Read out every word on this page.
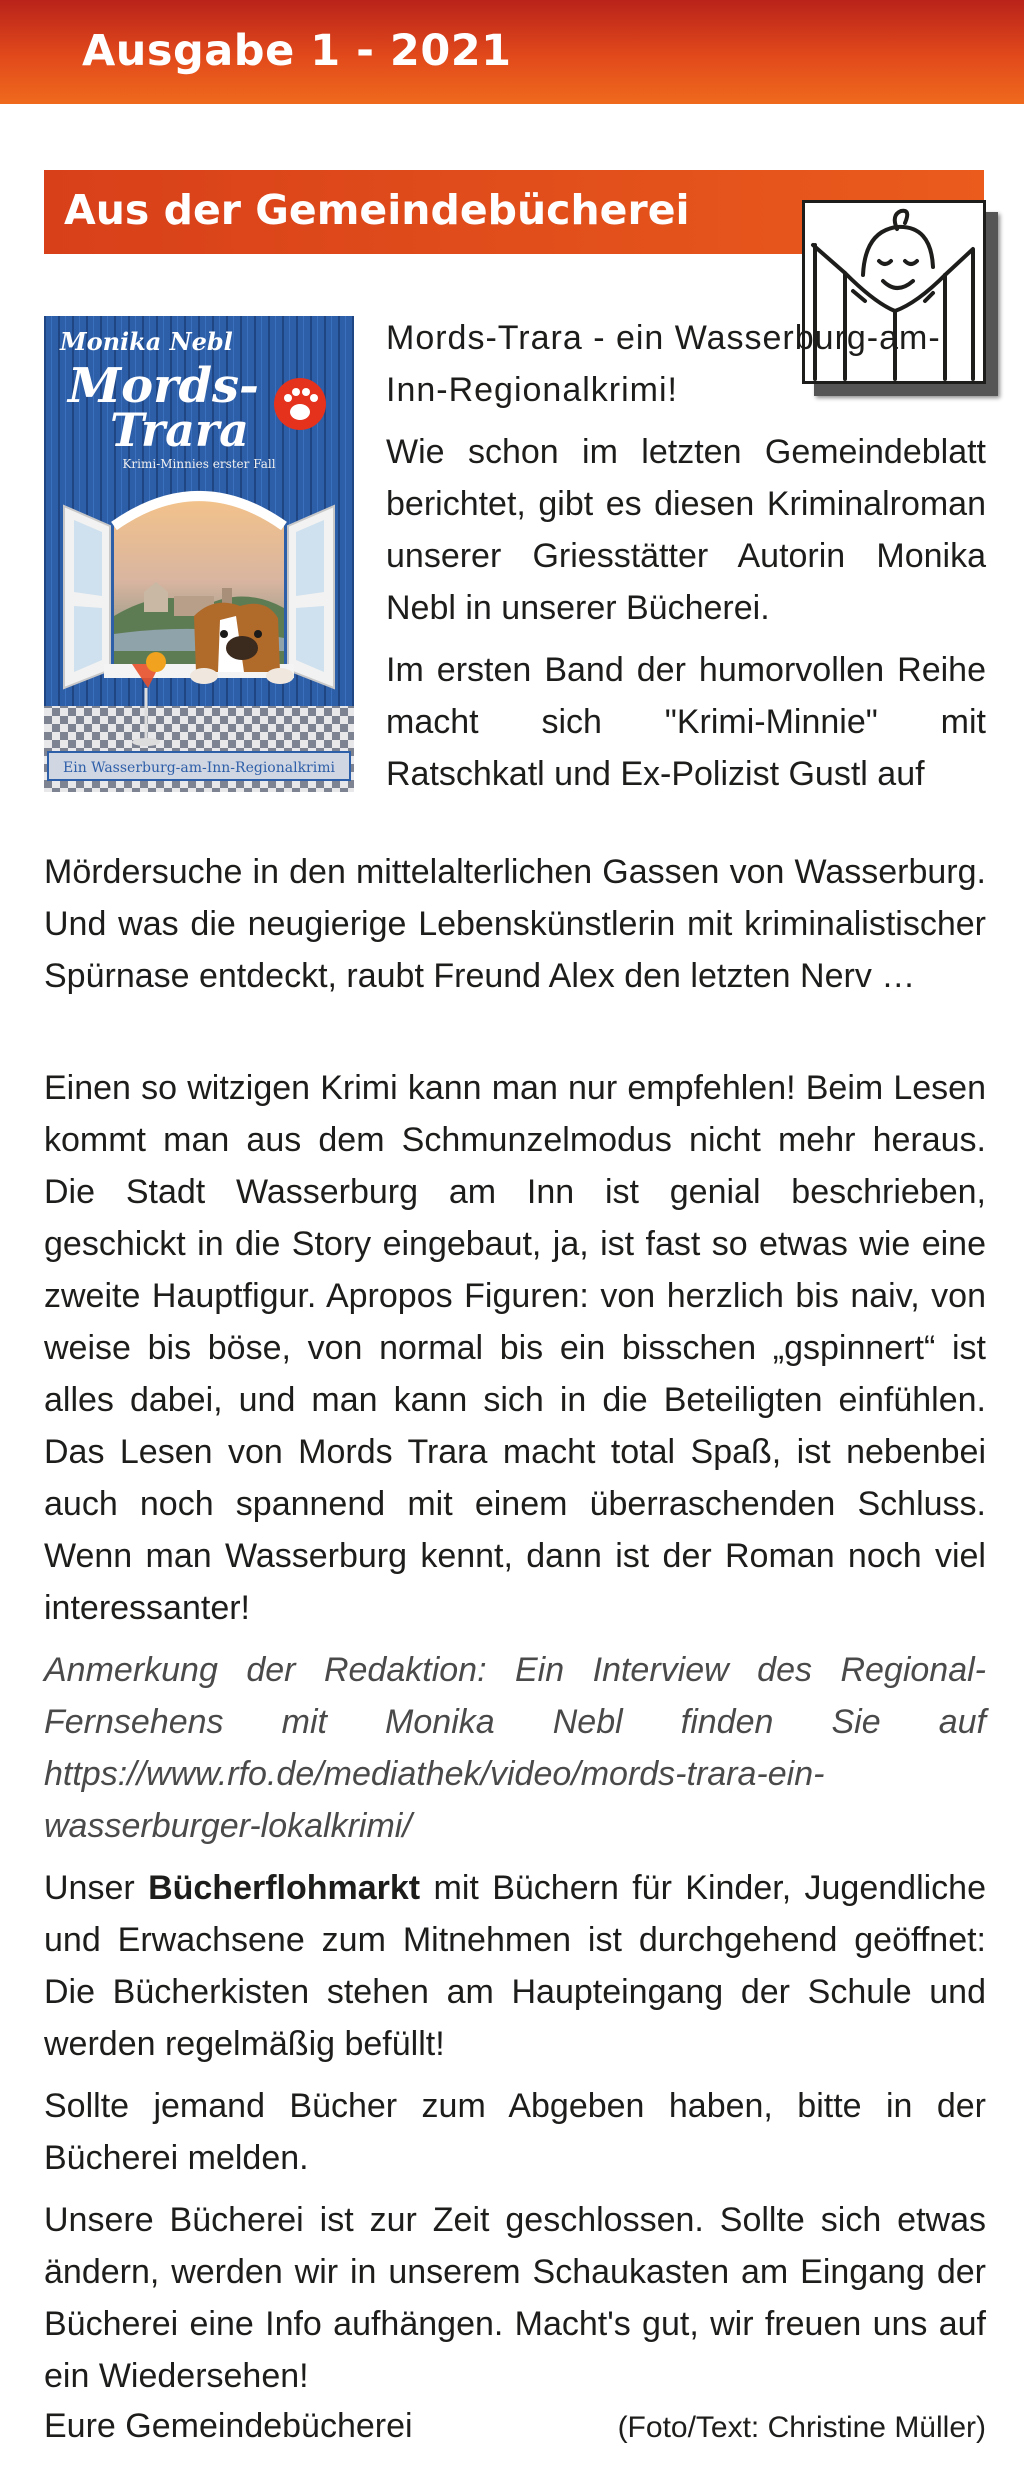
Ausgabe 1 - 2021
Aus der Gemeindebücherei
Monika Nebl
Mords-
Trara
Krimi-Minnies erster Fall
Ein Wasserburg-am-Inn-Regionalkrimi

Mords-Trara - ein Wasserburg-am-Inn-Regionalkrimi!

Wie schon im letzten Gemeindeblatt berichtet, gibt es diesen Kriminalroman unserer Griesstätter Autorin Monika Nebl in unserer Bücherei.

Im ersten Band der humorvollen Reihe macht sich "Krimi-Minnie" mit Ratschkatl und Ex-Polizist Gustl auf

Mördersuche in den mittelalterlichen Gassen von Wasserburg. Und was die neugierige Lebenskünstlerin mit kriminalistischer Spürnase entdeckt, raubt Freund Alex den letzten Nerv …

Einen so witzigen Krimi kann man nur empfehlen! Beim Lesen kommt man aus dem Schmunzelmodus nicht mehr heraus. Die Stadt Wasserburg am Inn ist genial beschrieben, geschickt in die Story eingebaut, ja, ist fast so etwas wie eine zweite Hauptfigur. Apropos Figuren: von herzlich bis naiv, von weise bis böse, von normal bis ein bisschen „gspinnert“ ist alles dabei, und man kann sich in die Beteiligten einfühlen. Das Lesen von Mords Trara macht total Spaß, ist nebenbei auch noch spannend mit einem überraschenden Schluss. Wenn man Wasserburg kennt, dann ist der Roman noch viel interessanter!

Anmerkung der Redaktion: Ein Interview des Regional-Fernsehens mit Monika Nebl finden Sie auf https://www.rfo.de/mediathek/video/mords-trara-ein-wasserburger-lokalkrimi/

Unser Bücherflohmarkt mit Büchern für Kinder, Jugendliche und Erwachsene zum Mitnehmen ist durchgehend geöffnet: Die Bücherkisten stehen am Haupteingang der Schule und werden regelmäßig befüllt!

Sollte jemand Bücher zum Abgeben haben, bitte in der Bücherei melden.

Unsere Bücherei ist zur Zeit geschlossen. Sollte sich etwas ändern, werden wir in unserem Schaukasten am Eingang der Bücherei eine Info aufhängen. Macht's gut, wir freuen uns auf ein Wiedersehen!

Eure Gemeindebücherei	(Foto/Text: Christine Müller)
